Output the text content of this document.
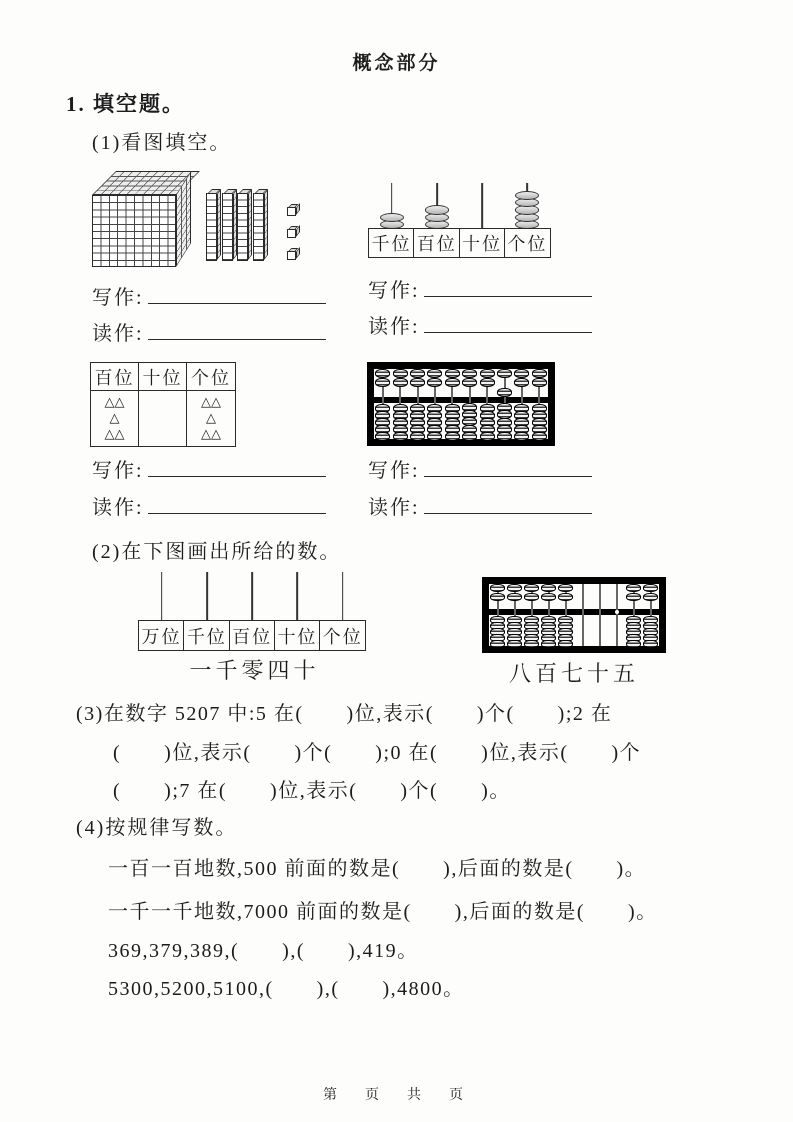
概念部分
1. 填空题。
(1)看图填空。
写作:
读作:
千位 百位 十位 个位
写作:
读作:
百位 十位 个位
△△
△
△△
△△
△
△△
写作:
读作:
写作:
读作:
(2)在下图画出所给的数。
万位 千位 百位 十位 个位
一千零四十	八百七十五
(3)在数字 5207 中:5 在(　　)位,表示(　　)个(　　);2 在
(　　)位,表示(　　)个(　　);0 在(　　)位,表示(　　)个
(　　);7 在(　　)位,表示(　　)个(　　)。
(4)按规律写数。
一百一百地数,500 前面的数是(　　),后面的数是(　　)。
一千一千地数,7000 前面的数是(　　),后面的数是(　　)。
369,379,389,(　　),(　　),419。
5300,5200,5100,(　　),(　　),4800。
第　页　共　页
